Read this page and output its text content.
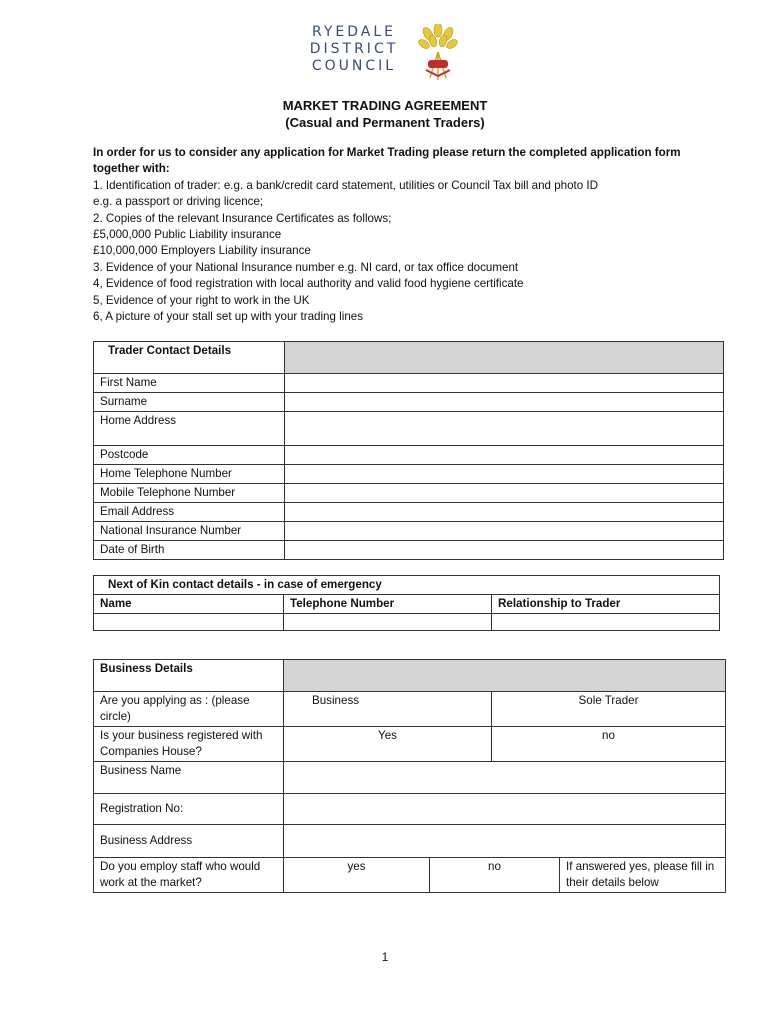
RYEDALE
DISTRICT
COUNCIL
MARKET TRADING AGREEMENT
(Casual and Permanent Traders)
In order for us to consider any application for Market Trading please return the completed application form together with:
1. Identification of trader: e.g. a bank/credit card statement, utilities or Council Tax bill and photo ID
e.g. a passport or driving licence;
2. Copies of the relevant Insurance Certificates as follows;
£5,000,000 Public Liability insurance
£10,000,000 Employers Liability insurance
3. Evidence of your National Insurance number e.g. NI card, or tax office document
4, Evidence of food registration with local authority and valid food hygiene certificate
5, Evidence of your right to work in the UK
6, A picture of your stall set up with your trading lines
Trader Contact Details	
First Name	
Surname	
Home Address	
Postcode	
Home Telephone Number	
Mobile Telephone Number	
Email Address	
National Insurance Number	
Date of Birth	
Next of Kin contact details - in case of emergency		
Name	Telephone Number	Relationship to Trader

Business Details				
Are you applying as : (please circle)	Business		Sole Trader	
Is your business registered with Companies House?	Yes		no	
Business Name				
Registration No:				
Business Address				
Do you employ staff who would work at the market?	yes	no		If answered yes, please fill in their details below
1
